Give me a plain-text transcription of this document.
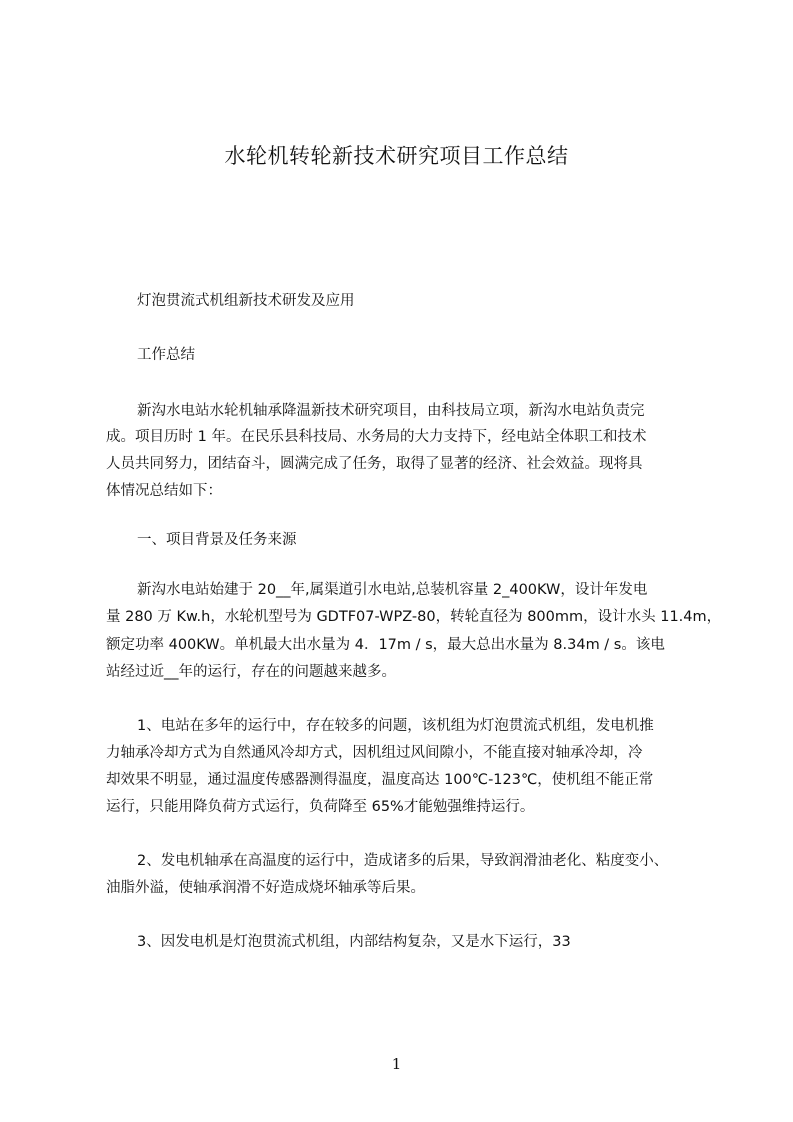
水轮机转轮新技术研究项目工作总结
灯泡贯流式机组新技术研发及应用
工作总结
新沟水电站水轮机轴承降温新技术研究项目，由科技局立项，新沟水电站负责完
成。项目历时 1 年。在民乐县科技局、水务局的大力支持下，经电站全体职工和技术
人员共同努力，团结奋斗，圆满完成了任务，取得了显著的经济、社会效益。现将具
体情况总结如下：
一、项目背景及任务来源
新沟水电站始建于 20__年,属渠道引水电站,总装机容量 2_400KW，设计年发电
量 280 万 Kw.h，水轮机型号为 GDTF07-WPZ-80，转轮直径为 800mm，设计水头 11.4m，
额定功率 400KW。单机最大出水量为 4．17m / s，最大总出水量为 8.34m / s。该电
站经过近__年的运行，存在的问题越来越多。
1、电站在多年的运行中，存在较多的问题，该机组为灯泡贯流式机组，发电机推
力轴承冷却方式为自然通风冷却方式，因机组过风间隙小，不能直接对轴承冷却，冷
却效果不明显，通过温度传感器测得温度，温度高达 100℃-123℃，使机组不能正常
运行，只能用降负荷方式运行，负荷降至 65%才能勉强维持运行。
2、发电机轴承在高温度的运行中，造成诸多的后果，导致润滑油老化、粘度变小、
油脂外溢，使轴承润滑不好造成烧坏轴承等后果。
3、因发电机是灯泡贯流式机组，内部结构复杂，又是水下运行，33
1
